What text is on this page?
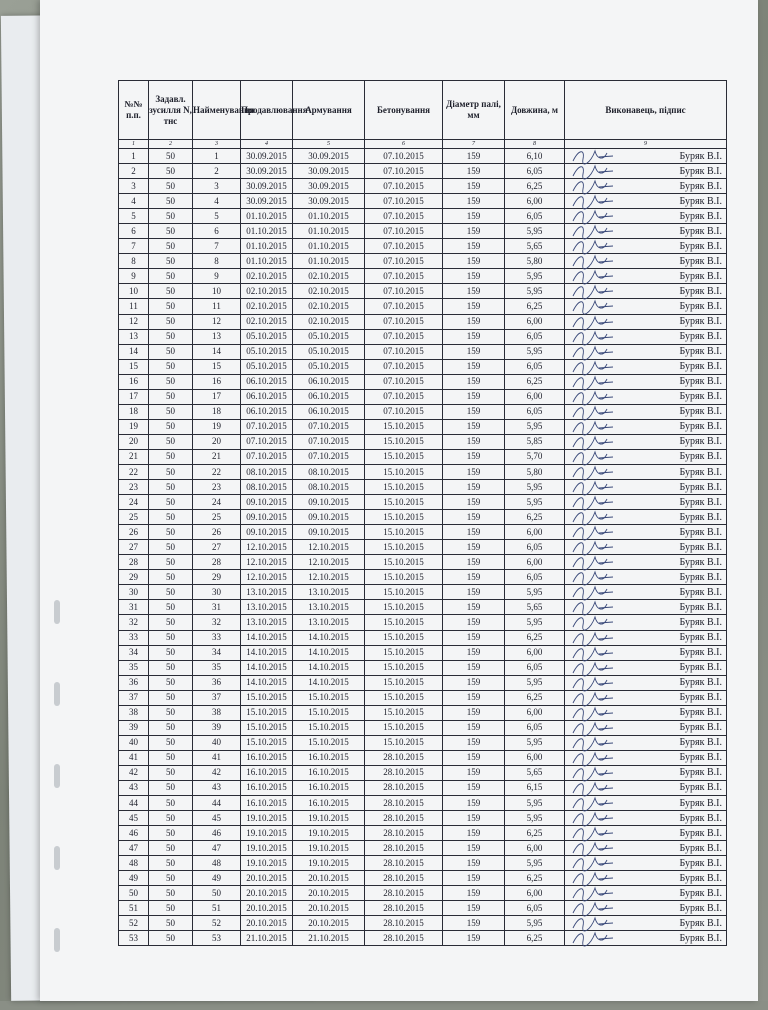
№№ п.п.	Задавл. зусилля N, тнс	Найменування	Продавлювання	Армування	Бетонування	Діаметр палі, мм	Довжина, м	Виконавець, підпис
1	2	3	4	5	6	7	8	9
1	50	1	30.09.2015	30.09.2015	07.10.2015	159	6,10	Буряк В.І.
2	50	2	30.09.2015	30.09.2015	07.10.2015	159	6,05	Буряк В.І.
3	50	3	30.09.2015	30.09.2015	07.10.2015	159	6,25	Буряк В.І.
4	50	4	30.09.2015	30.09.2015	07.10.2015	159	6,00	Буряк В.І.
5	50	5	01.10.2015	01.10.2015	07.10.2015	159	6,05	Буряк В.І.
6	50	6	01.10.2015	01.10.2015	07.10.2015	159	5,95	Буряк В.І.
7	50	7	01.10.2015	01.10.2015	07.10.2015	159	5,65	Буряк В.І.
8	50	8	01.10.2015	01.10.2015	07.10.2015	159	5,80	Буряк В.І.
9	50	9	02.10.2015	02.10.2015	07.10.2015	159	5,95	Буряк В.І.
10	50	10	02.10.2015	02.10.2015	07.10.2015	159	5,95	Буряк В.І.
11	50	11	02.10.2015	02.10.2015	07.10.2015	159	6,25	Буряк В.І.
12	50	12	02.10.2015	02.10.2015	07.10.2015	159	6,00	Буряк В.І.
13	50	13	05.10.2015	05.10.2015	07.10.2015	159	6,05	Буряк В.І.
14	50	14	05.10.2015	05.10.2015	07.10.2015	159	5,95	Буряк В.І.
15	50	15	05.10.2015	05.10.2015	07.10.2015	159	6,05	Буряк В.І.
16	50	16	06.10.2015	06.10.2015	07.10.2015	159	6,25	Буряк В.І.
17	50	17	06.10.2015	06.10.2015	07.10.2015	159	6,00	Буряк В.І.
18	50	18	06.10.2015	06.10.2015	07.10.2015	159	6,05	Буряк В.І.
19	50	19	07.10.2015	07.10.2015	15.10.2015	159	5,95	Буряк В.І.
20	50	20	07.10.2015	07.10.2015	15.10.2015	159	5,85	Буряк В.І.
21	50	21	07.10.2015	07.10.2015	15.10.2015	159	5,70	Буряк В.І.
22	50	22	08.10.2015	08.10.2015	15.10.2015	159	5,80	Буряк В.І.
23	50	23	08.10.2015	08.10.2015	15.10.2015	159	5,95	Буряк В.І.
24	50	24	09.10.2015	09.10.2015	15.10.2015	159	5,95	Буряк В.І.
25	50	25	09.10.2015	09.10.2015	15.10.2015	159	6,25	Буряк В.І.
26	50	26	09.10.2015	09.10.2015	15.10.2015	159	6,00	Буряк В.І.
27	50	27	12.10.2015	12.10.2015	15.10.2015	159	6,05	Буряк В.І.
28	50	28	12.10.2015	12.10.2015	15.10.2015	159	6,00	Буряк В.І.
29	50	29	12.10.2015	12.10.2015	15.10.2015	159	6,05	Буряк В.І.
30	50	30	13.10.2015	13.10.2015	15.10.2015	159	5,95	Буряк В.І.
31	50	31	13.10.2015	13.10.2015	15.10.2015	159	5,65	Буряк В.І.
32	50	32	13.10.2015	13.10.2015	15.10.2015	159	5,95	Буряк В.І.
33	50	33	14.10.2015	14.10.2015	15.10.2015	159	6,25	Буряк В.І.
34	50	34	14.10.2015	14.10.2015	15.10.2015	159	6,00	Буряк В.І.
35	50	35	14.10.2015	14.10.2015	15.10.2015	159	6,05	Буряк В.І.
36	50	36	14.10.2015	14.10.2015	15.10.2015	159	5,95	Буряк В.І.
37	50	37	15.10.2015	15.10.2015	15.10.2015	159	6,25	Буряк В.І.
38	50	38	15.10.2015	15.10.2015	15.10.2015	159	6,00	Буряк В.І.
39	50	39	15.10.2015	15.10.2015	15.10.2015	159	6,05	Буряк В.І.
40	50	40	15.10.2015	15.10.2015	15.10.2015	159	5,95	Буряк В.І.
41	50	41	16.10.2015	16.10.2015	28.10.2015	159	6,00	Буряк В.І.
42	50	42	16.10.2015	16.10.2015	28.10.2015	159	5,65	Буряк В.І.
43	50	43	16.10.2015	16.10.2015	28.10.2015	159	6,15	Буряк В.І.
44	50	44	16.10.2015	16.10.2015	28.10.2015	159	5,95	Буряк В.І.
45	50	45	19.10.2015	19.10.2015	28.10.2015	159	5,95	Буряк В.І.
46	50	46	19.10.2015	19.10.2015	28.10.2015	159	6,25	Буряк В.І.
47	50	47	19.10.2015	19.10.2015	28.10.2015	159	6,00	Буряк В.І.
48	50	48	19.10.2015	19.10.2015	28.10.2015	159	5,95	Буряк В.І.
49	50	49	20.10.2015	20.10.2015	28.10.2015	159	6,25	Буряк В.І.
50	50	50	20.10.2015	20.10.2015	28.10.2015	159	6,00	Буряк В.І.
51	50	51	20.10.2015	20.10.2015	28.10.2015	159	6,05	Буряк В.І.
52	50	52	20.10.2015	20.10.2015	28.10.2015	159	5,95	Буряк В.І.
53	50	53	21.10.2015	21.10.2015	28.10.2015	159	6,25	Буряк В.І.
